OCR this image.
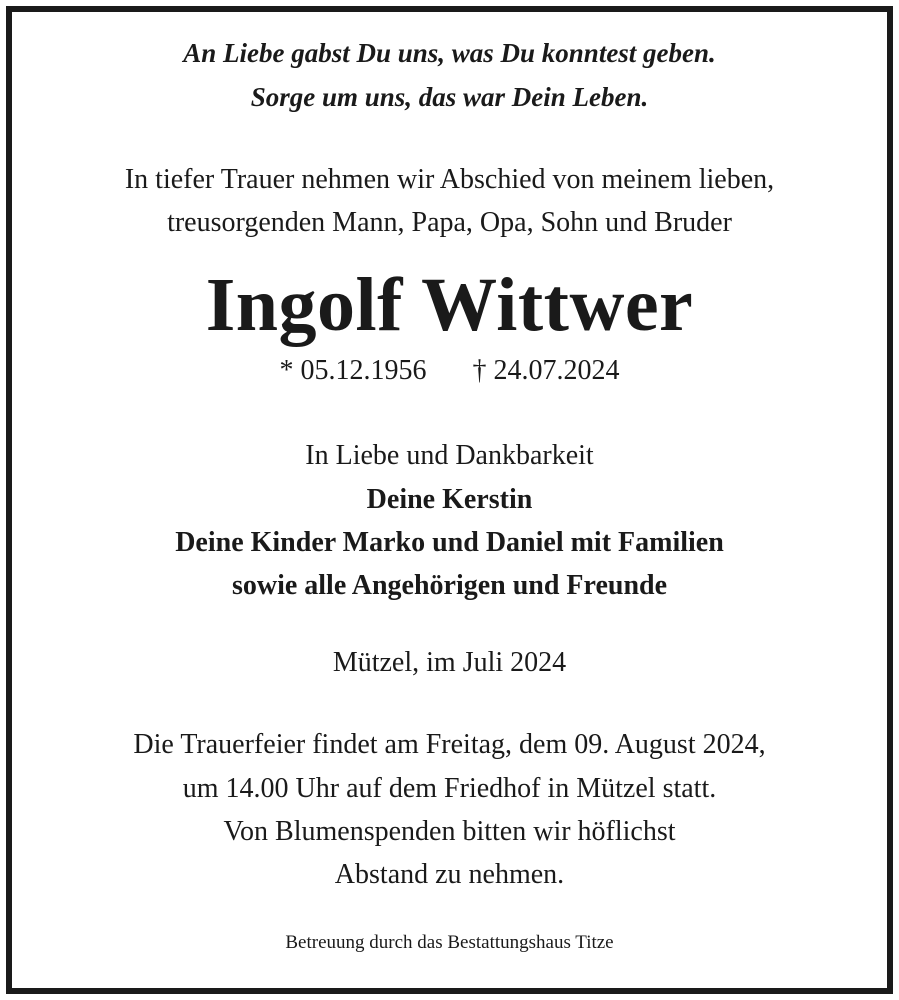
An Liebe gabst Du uns, was Du konntest geben.
Sorge um uns, das war Dein Leben.
In tiefer Trauer nehmen wir Abschied von meinem lieben,
treusorgenden Mann, Papa, Opa, Sohn und Bruder
Ingolf Wittwer
* 05.12.1956 † 24.07.2024
In Liebe und Dankbarkeit
Deine Kerstin
Deine Kinder Marko und Daniel mit Familien
sowie alle Angehörigen und Freunde
Mützel, im Juli 2024
Die Trauerfeier findet am Freitag, dem 09. August 2024,
um 14.00 Uhr auf dem Friedhof in Mützel statt.
Von Blumenspenden bitten wir höflichst
Abstand zu nehmen.
Betreuung durch das Bestattungshaus Titze
